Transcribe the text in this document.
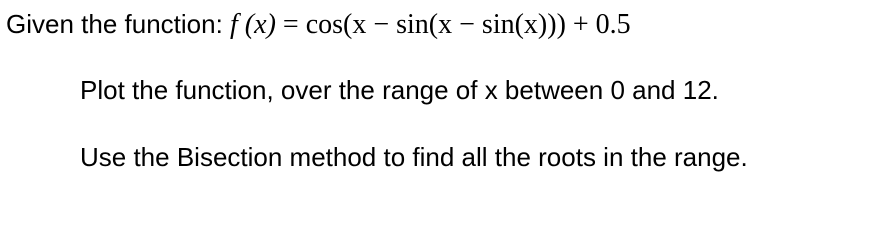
Given the function: f (x) = cos(x − sin(x − sin(x))) + 0.5
Plot the function, over the range of x between 0 and 12.
Use the Bisection method to find all the roots in the range.
